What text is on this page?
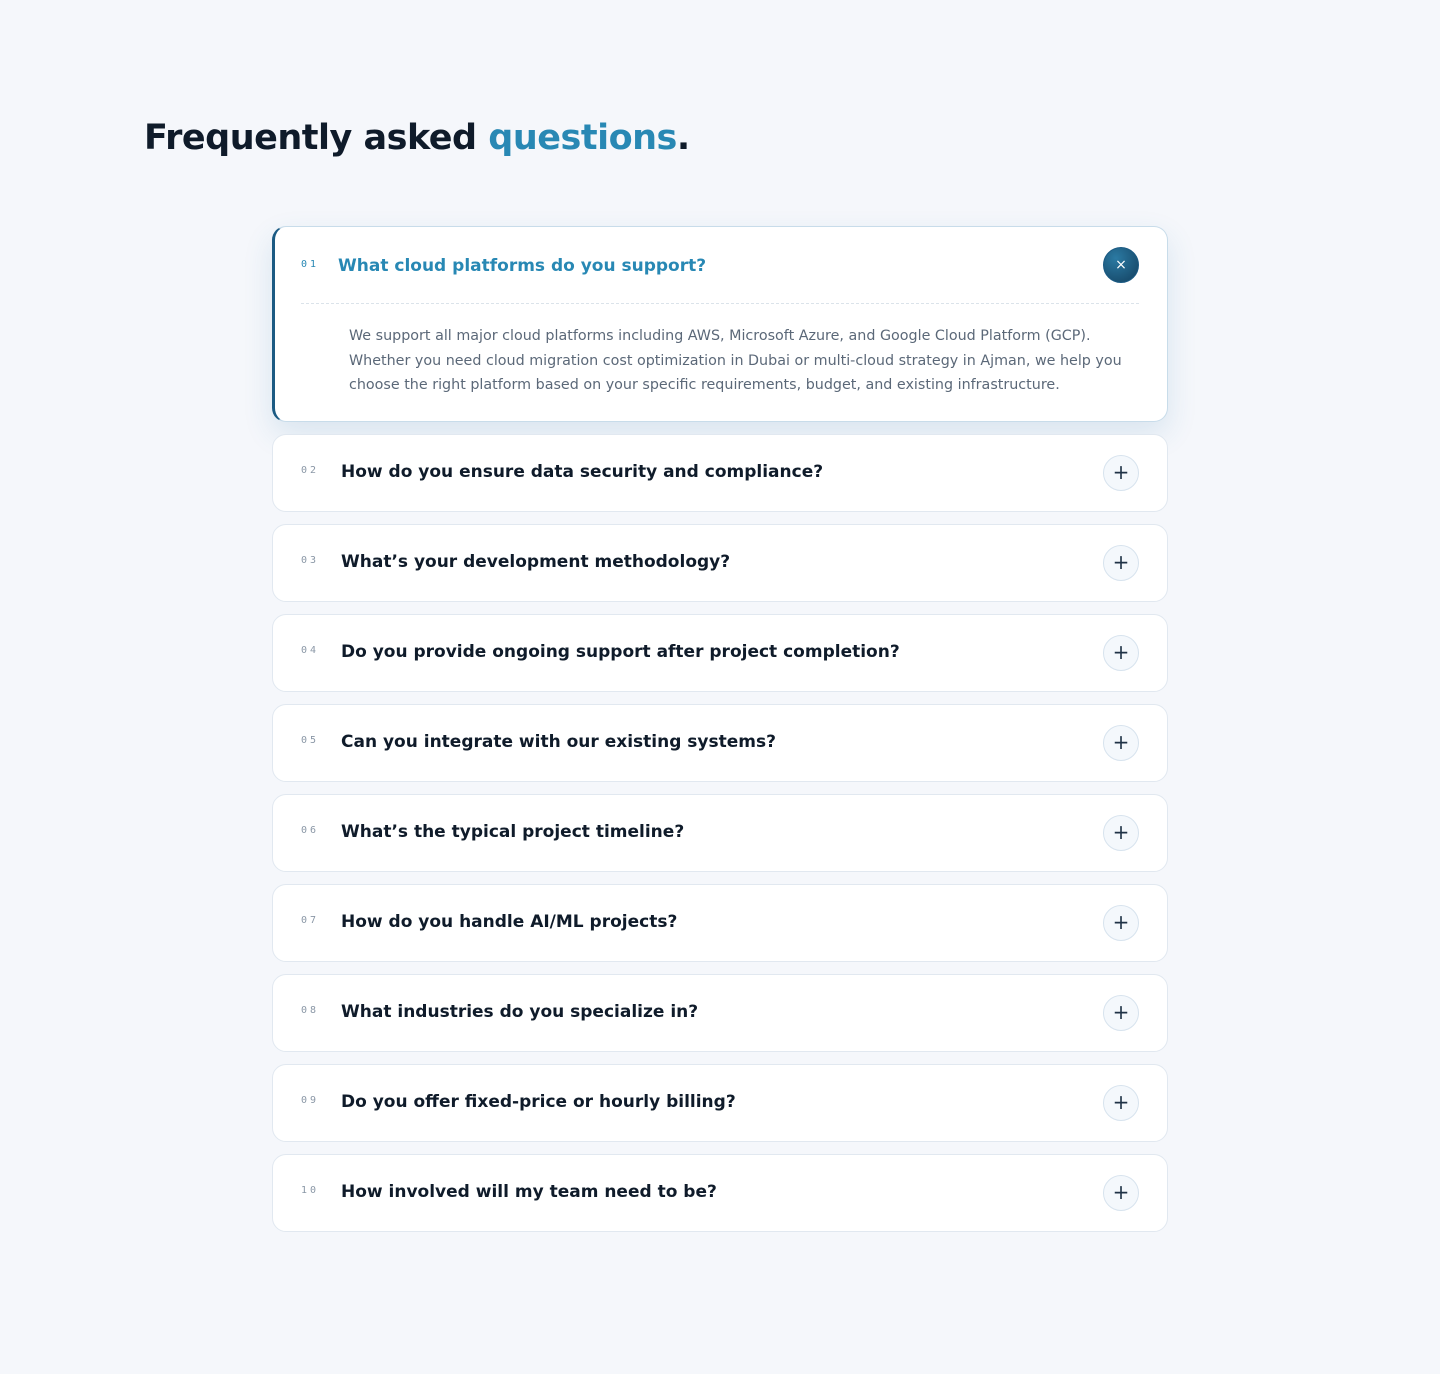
Frequently asked questions.
01 What cloud platforms do you support?	×

We support all major cloud platforms including AWS, Microsoft Azure, and Google Cloud Platform (GCP). Whether you need cloud migration cost optimization in Dubai or multi-cloud strategy in Ajman, we help you choose the right platform based on your specific requirements, budget, and existing infrastructure.

02 How do you ensure data security and compliance?	+
03 What’s your development methodology?	+
04 Do you provide ongoing support after project completion?	+
05 Can you integrate with our existing systems?	+
06 What’s the typical project timeline?	+
07 How do you handle AI/ML projects?	+
08 What industries do you specialize in?	+
09 Do you offer fixed-price or hourly billing?	+
10 How involved will my team need to be?	+
